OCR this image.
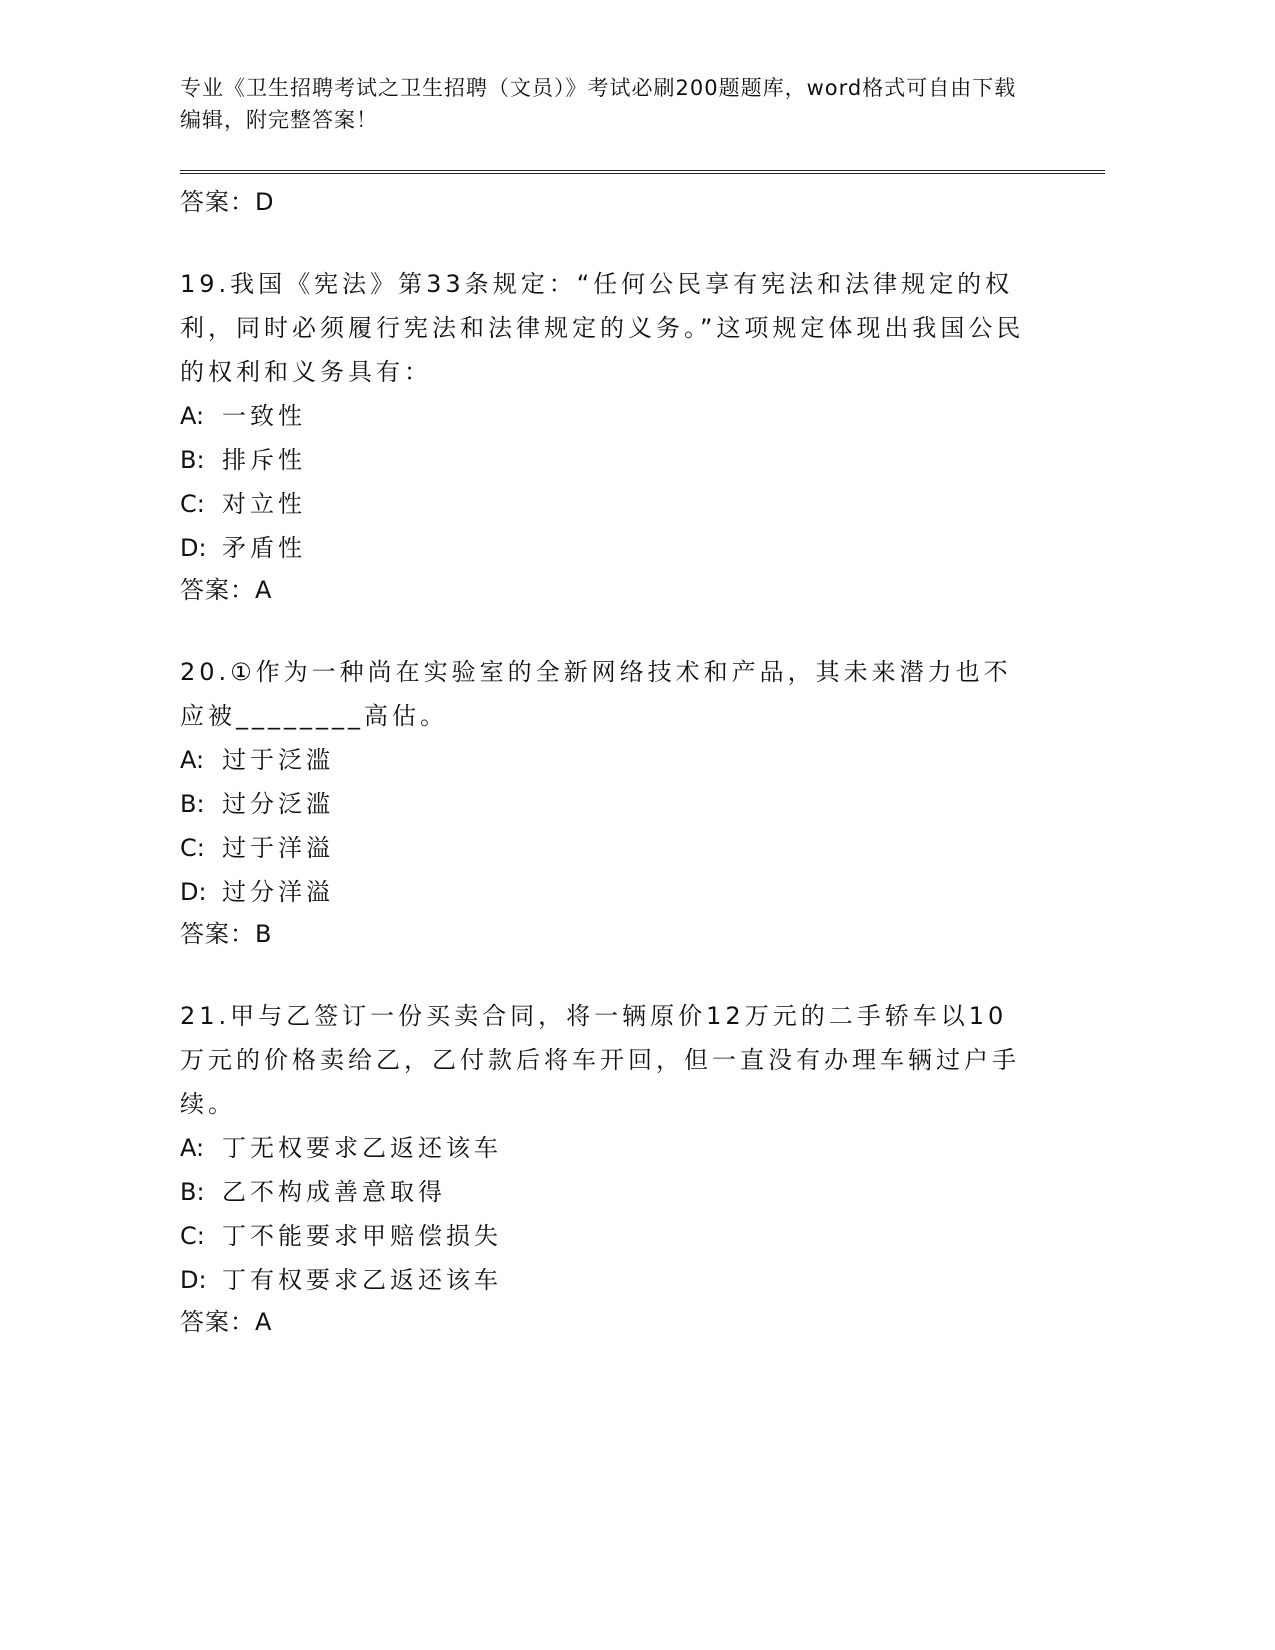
专业《卫生招聘考试之卫生招聘（文员）》考试必刷200题题库，word格式可自由下载编辑，附完整答案！
答案：D
19.我国《宪法》第33条规定：“任何公民享有宪法和法律规定的权利，同时必须履行宪法和法律规定的义务。”这项规定体现出我国公民的权利和义务具有：
A: 一致性
B: 排斥性
C: 对立性
D: 矛盾性
答案：A
20.①作为一种尚在实验室的全新网络技术和产品，其未来潜力也不应被________高估。
A: 过于泛滥
B: 过分泛滥
C: 过于洋溢
D: 过分洋溢
答案：B
21.甲与乙签订一份买卖合同，将一辆原价12万元的二手轿车以10万元的价格卖给乙，乙付款后将车开回，但一直没有办理车辆过户手续。
A: 丁无权要求乙返还该车
B: 乙不构成善意取得
C: 丁不能要求甲赔偿损失
D: 丁有权要求乙返还该车
答案：A
